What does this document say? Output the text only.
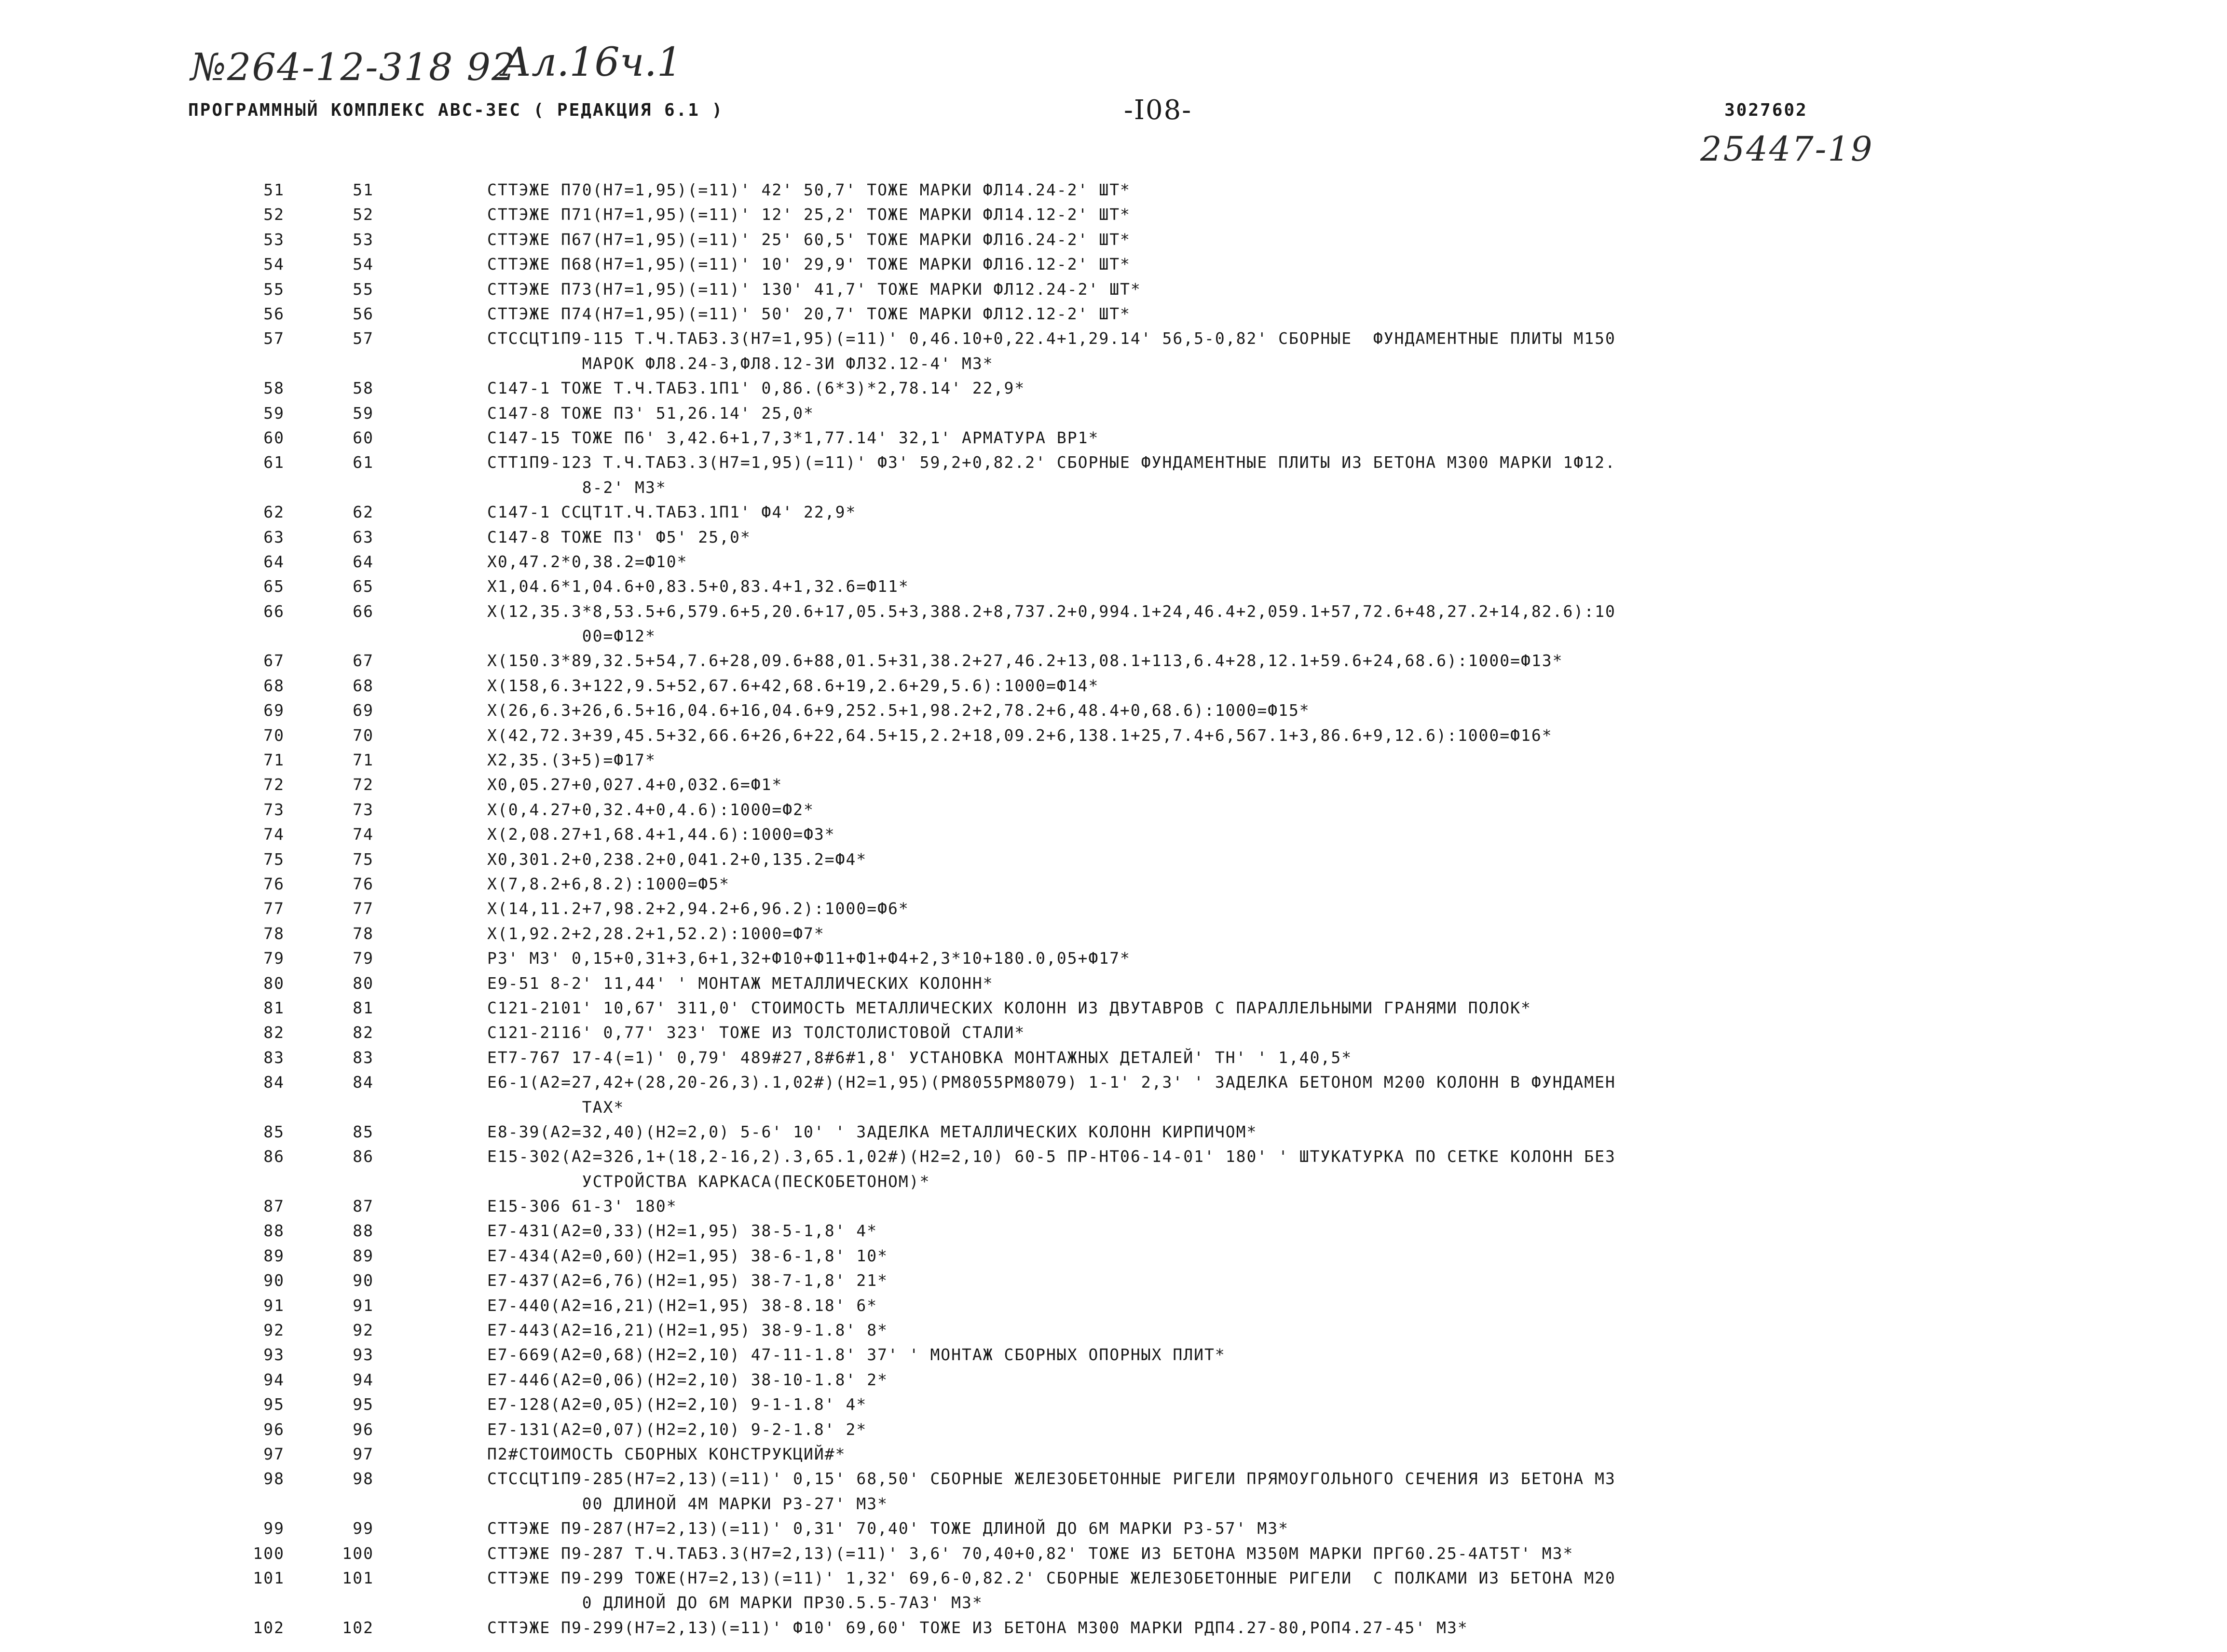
№264-12-318 92
Ал.16ч.1
25447-19
ПРОГРАММНЫЙ КОМПЛЕКС АВС-3ЕС ( РЕДАКЦИЯ 6.1 )	-I08-	3027602
51	51	СТТЭЖЕ П70(Н7=1,95)(=11)' 42' 50,7' ТОЖЕ МАРКИ ФЛ14.24-2' ШТ*
52	52	СТТЭЖЕ П71(Н7=1,95)(=11)' 12' 25,2' ТОЖЕ МАРКИ ФЛ14.12-2' ШТ*
53	53	СТТЭЖЕ П67(Н7=1,95)(=11)' 25' 60,5' ТОЖЕ МАРКИ ФЛ16.24-2' ШТ*
54	54	СТТЭЖЕ П68(Н7=1,95)(=11)' 10' 29,9' ТОЖЕ МАРКИ ФЛ16.12-2' ШТ*
55	55	СТТЭЖЕ П73(Н7=1,95)(=11)' 130' 41,7' ТОЖЕ МАРКИ ФЛ12.24-2' ШТ*
56	56	СТТЭЖЕ П74(Н7=1,95)(=11)' 50' 20,7' ТОЖЕ МАРКИ ФЛ12.12-2' ШТ*
57	57	СТССЦТ1П9-115 Т.Ч.ТАБ3.3(Н7=1,95)(=11)' 0,46.10+0,22.4+1,29.14' 56,5-0,82' СБОРНЫЕ  ФУНДАМЕНТНЫЕ ПЛИТЫ М150
МАРОК ФЛ8.24-3,ФЛ8.12-3И ФЛ32.12-4' М3*
58	58	С147-1 ТОЖЕ Т.Ч.ТАБ3.1П1' 0,86.(6*3)*2,78.14' 22,9*
59	59	С147-8 ТОЖЕ П3' 51,26.14' 25,0*
60	60	С147-15 ТОЖЕ П6' 3,42.6+1,7,3*1,77.14' 32,1' АРМАТУРА ВР1*
61	61	СТТ1П9-123 Т.Ч.ТАБ3.3(Н7=1,95)(=11)' Ф3' 59,2+0,82.2' СБОРНЫЕ ФУНДАМЕНТНЫЕ ПЛИТЫ ИЗ БЕТОНА М300 МАРКИ 1Ф12.
8-2' М3*
62	62	С147-1 ССЦТ1Т.Ч.ТАБ3.1П1' Ф4' 22,9*
63	63	С147-8 ТОЖЕ П3' Ф5' 25,0*
64	64	Х0,47.2*0,38.2=Ф10*
65	65	Х1,04.6*1,04.6+0,83.5+0,83.4+1,32.6=Ф11*
66	66	Х(12,35.3*8,53.5+6,579.6+5,20.6+17,05.5+3,388.2+8,737.2+0,994.1+24,46.4+2,059.1+57,72.6+48,27.2+14,82.6):10
00=Ф12*
67	67	Х(150.3*89,32.5+54,7.6+28,09.6+88,01.5+31,38.2+27,46.2+13,08.1+113,6.4+28,12.1+59.6+24,68.6):1000=Ф13*
68	68	Х(158,6.3+122,9.5+52,67.6+42,68.6+19,2.6+29,5.6):1000=Ф14*
69	69	Х(26,6.3+26,6.5+16,04.6+16,04.6+9,252.5+1,98.2+2,78.2+6,48.4+0,68.6):1000=Ф15*
70	70	Х(42,72.3+39,45.5+32,66.6+26,6+22,64.5+15,2.2+18,09.2+6,138.1+25,7.4+6,567.1+3,86.6+9,12.6):1000=Ф16*
71	71	Х2,35.(3+5)=Ф17*
72	72	Х0,05.27+0,027.4+0,032.6=Ф1*
73	73	Х(0,4.27+0,32.4+0,4.6):1000=Ф2*
74	74	Х(2,08.27+1,68.4+1,44.6):1000=Ф3*
75	75	Х0,301.2+0,238.2+0,041.2+0,135.2=Ф4*
76	76	Х(7,8.2+6,8.2):1000=Ф5*
77	77	Х(14,11.2+7,98.2+2,94.2+6,96.2):1000=Ф6*
78	78	Х(1,92.2+2,28.2+1,52.2):1000=Ф7*
79	79	Р3' М3' 0,15+0,31+3,6+1,32+Ф10+Ф11+Ф1+Ф4+2,3*10+180.0,05+Ф17*
80	80	Е9-51 8-2' 11,44' ' МОНТАЖ МЕТАЛЛИЧЕСКИХ КОЛОНН*
81	81	С121-2101' 10,67' 311,0' СТОИМОСТЬ МЕТАЛЛИЧЕСКИХ КОЛОНН ИЗ ДВУТАВРОВ С ПАРАЛЛЕЛЬНЫМИ ГРАНЯМИ ПОЛОК*
82	82	С121-2116' 0,77' 323' ТОЖЕ ИЗ ТОЛСТОЛИСТОВОЙ СТАЛИ*
83	83	ЕТ7-767 17-4(=1)' 0,79' 489#27,8#6#1,8' УСТАНОВКА МОНТАЖНЫХ ДЕТАЛЕЙ' ТН' ' 1,40,5*
84	84	Е6-1(А2=27,42+(28,20-26,3).1,02#)(Н2=1,95)(РМ8055РМ8079) 1-1' 2,3' ' ЗАДЕЛКА БЕТОНОМ М200 КОЛОНН В ФУНДАМЕН
ТАХ*
85	85	Е8-39(А2=32,40)(Н2=2,0) 5-6' 10' ' ЗАДЕЛКА МЕТАЛЛИЧЕСКИХ КОЛОНН КИРПИЧОМ*
86	86	Е15-302(А2=326,1+(18,2-16,2).3,65.1,02#)(Н2=2,10) 60-5 ПР-НТ06-14-01' 180' ' ШТУКАТУРКА ПО СЕТКЕ КОЛОНН БЕЗ
УСТРОЙСТВА КАРКАСА(ПЕСКОБЕТОНОМ)*
87	87	Е15-306 61-3' 180*
88	88	Е7-431(А2=0,33)(Н2=1,95) 38-5-1,8' 4*
89	89	Е7-434(А2=0,60)(Н2=1,95) 38-6-1,8' 10*
90	90	Е7-437(А2=6,76)(Н2=1,95) 38-7-1,8' 21*
91	91	Е7-440(А2=16,21)(Н2=1,95) 38-8.18' 6*
92	92	Е7-443(А2=16,21)(Н2=1,95) 38-9-1.8' 8*
93	93	Е7-669(А2=0,68)(Н2=2,10) 47-11-1.8' 37' ' МОНТАЖ СБОРНЫХ ОПОРНЫХ ПЛИТ*
94	94	Е7-446(А2=0,06)(Н2=2,10) 38-10-1.8' 2*
95	95	Е7-128(А2=0,05)(Н2=2,10) 9-1-1.8' 4*
96	96	Е7-131(А2=0,07)(Н2=2,10) 9-2-1.8' 2*
97	97	П2#СТОИМОСТЬ СБОРНЫХ КОНСТРУКЦИЙ#*
98	98	СТССЦТ1П9-285(Н7=2,13)(=11)' 0,15' 68,50' СБОРНЫЕ ЖЕЛЕЗОБЕТОННЫЕ РИГЕЛИ ПРЯМОУГОЛЬНОГО СЕЧЕНИЯ ИЗ БЕТОНА М3
00 ДЛИНОЙ 4М МАРКИ Р3-27' М3*
99	99	СТТЭЖЕ П9-287(Н7=2,13)(=11)' 0,31' 70,40' ТОЖЕ ДЛИНОЙ ДО 6М МАРКИ Р3-57' М3*
100	100	СТТЭЖЕ П9-287 Т.Ч.ТАБ3.3(Н7=2,13)(=11)' 3,6' 70,40+0,82' ТОЖЕ ИЗ БЕТОНА М350М МАРКИ ПРГ60.25-4АТ5Т' М3*
101	101	СТТЭЖЕ П9-299 ТОЖЕ(Н7=2,13)(=11)' 1,32' 69,6-0,82.2' СБОРНЫЕ ЖЕЛЕЗОБЕТОННЫЕ РИГЕЛИ  С ПОЛКАМИ ИЗ БЕТОНА М20
0 ДЛИНОЙ ДО 6М МАРКИ ПР30.5.5-7А3' М3*
102	102	СТТЭЖЕ П9-299(Н7=2,13)(=11)' Ф10' 69,60' ТОЖЕ ИЗ БЕТОНА М300 МАРКИ РДП4.27-80,РОП4.27-45' М3*
